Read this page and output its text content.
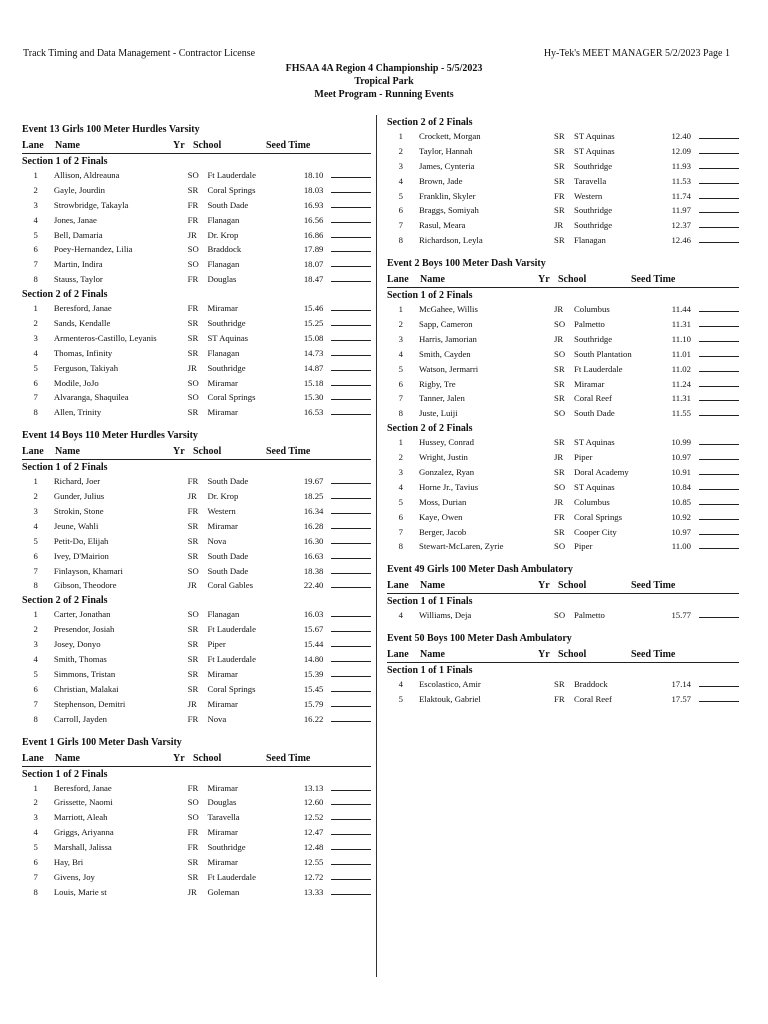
Track Timing and Data Management - Contractor License	Hy-Tek's MEET MANAGER 5/2/2023 Page 1
FHSAA 4A Region 4 Championship - 5/5/2023
Tropical Park
Meet Program - Running Events
Event 13 Girls 100 Meter Hurdles Varsity
Lane	Name	Yr School	Seed Time
Section 1 of 2 Finals
1	Allison, Aldreauna	SO	Ft Lauderdale	18.10
2	Gayle, Jourdin	SR	Coral Springs	18.03
3	Strowbridge, Takayla	FR	South Dade	16.93
4	Jones, Janae	FR	Flanagan	16.56
5	Bell, Damaria	JR	Dr. Krop	16.86
6	Poey-Hernandez, Lilia	SO	Braddock	17.89
7	Martin, Indira	SO	Flanagan	18.07
8	Stauss, Taylor	FR	Douglas	18.47
Section 2 of 2 Finals
1	Beresford, Janae	FR	Miramar	15.46
2	Sands, Kendalle	SR	Southridge	15.25
3	Armenteros-Castillo, Leyanis	SR	ST Aquinas	15.08
4	Thomas, Infinity	SR	Flanagan	14.73
5	Ferguson, Takiyah	JR	Southridge	14.87
6	Modile, JoJo	SO	Miramar	15.18
7	Alvaranga, Shaquilea	SO	Coral Springs	15.30
8	Allen, Trinity	SR	Miramar	16.53
Event 14 Boys 110 Meter Hurdles Varsity
Lane	Name	Yr School	Seed Time
Section 1 of 2 Finals
1	Richard, Joer	FR	South Dade	19.67
2	Gunder, Julius	JR	Dr. Krop	18.25
3	Strokin, Stone	FR	Western	16.34
4	Jeune, Wahli	SR	Miramar	16.28
5	Petit-Do, Elijah	SR	Nova	16.30
6	Ivey, D'Mairion	SR	South Dade	16.63
7	Finlayson, Khamari	SO	South Dade	18.38
8	Gibson, Theodore	JR	Coral Gables	22.40
Section 2 of 2 Finals
1	Carter, Jonathan	SO	Flanagan	16.03
2	Presendor, Josiah	SR	Ft Lauderdale	15.67
3	Josey, Donyo	SR	Piper	15.44
4	Smith, Thomas	SR	Ft Lauderdale	14.80
5	Simmons, Tristan	SR	Miramar	15.39
6	Christian, Malakai	SR	Coral Springs	15.45
7	Stephenson, Demitri	JR	Miramar	15.79
8	Carroll, Jayden	FR	Nova	16.22
Event 1 Girls 100 Meter Dash Varsity
Lane	Name	Yr School	Seed Time
Section 1 of 2 Finals
1	Beresford, Janae	FR	Miramar	13.13
2	Grissette, Naomi	SO	Douglas	12.60
3	Marriott, Aleah	SO	Taravella	12.52
4	Griggs, Ariyanna	FR	Miramar	12.47
5	Marshall, Jalissa	FR	Southridge	12.48
6	Hay, Bri	SR	Miramar	12.55
7	Givens, Joy	SR	Ft Lauderdale	12.72
8	Louis, Marie st	JR	Goleman	13.33
Section 2 of 2 Finals
1	Crockett, Morgan	SR	ST Aquinas	12.40
2	Taylor, Hannah	SR	ST Aquinas	12.09
3	James, Cynteria	SR	Southridge	11.93
4	Brown, Jade	SR	Taravella	11.53
5	Franklin, Skyler	FR	Western	11.74
6	Braggs, Somiyah	SR	Southridge	11.97
7	Rasul, Meara	JR	Southridge	12.37
8	Richardson, Leyla	SR	Flanagan	12.46
Event 2 Boys 100 Meter Dash Varsity
Lane	Name	Yr School	Seed Time
Section 1 of 2 Finals
1	McGahee, Willis	JR	Columbus	11.44
2	Sapp, Cameron	SO	Palmetto	11.31
3	Harris, Jamorian	JR	Southridge	11.10
4	Smith, Cayden	SO	South Plantation	11.01
5	Watson, Jermarri	SR	Ft Lauderdale	11.02
6	Rigby, Tre	SR	Miramar	11.24
7	Tanner, Jalen	SR	Coral Reef	11.31
8	Juste, Luiji	SO	South Dade	11.55
Section 2 of 2 Finals
1	Hussey, Conrad	SR	ST Aquinas	10.99
2	Wright, Justin	JR	Piper	10.97
3	Gonzalez, Ryan	SR	Doral Academy	10.91
4	Horne Jr., Tavius	SO	ST Aquinas	10.84
5	Moss, Durian	JR	Columbus	10.85
6	Kaye, Owen	FR	Coral Springs	10.92
7	Berger, Jacob	SR	Cooper City	10.97
8	Stewart-McLaren, Zyrie	SO	Piper	11.00
Event 49 Girls 100 Meter Dash Ambulatory
Lane	Name	Yr School	Seed Time
Section 1 of 1 Finals
4	Williams, Deja	SO	Palmetto	15.77
Event 50 Boys 100 Meter Dash Ambulatory
Lane	Name	Yr School	Seed Time
Section 1 of 1 Finals
4	Escolastico, Amir	SR	Braddock	17.14
5	Elaktouk, Gabriel	FR	Coral Reef	17.57
